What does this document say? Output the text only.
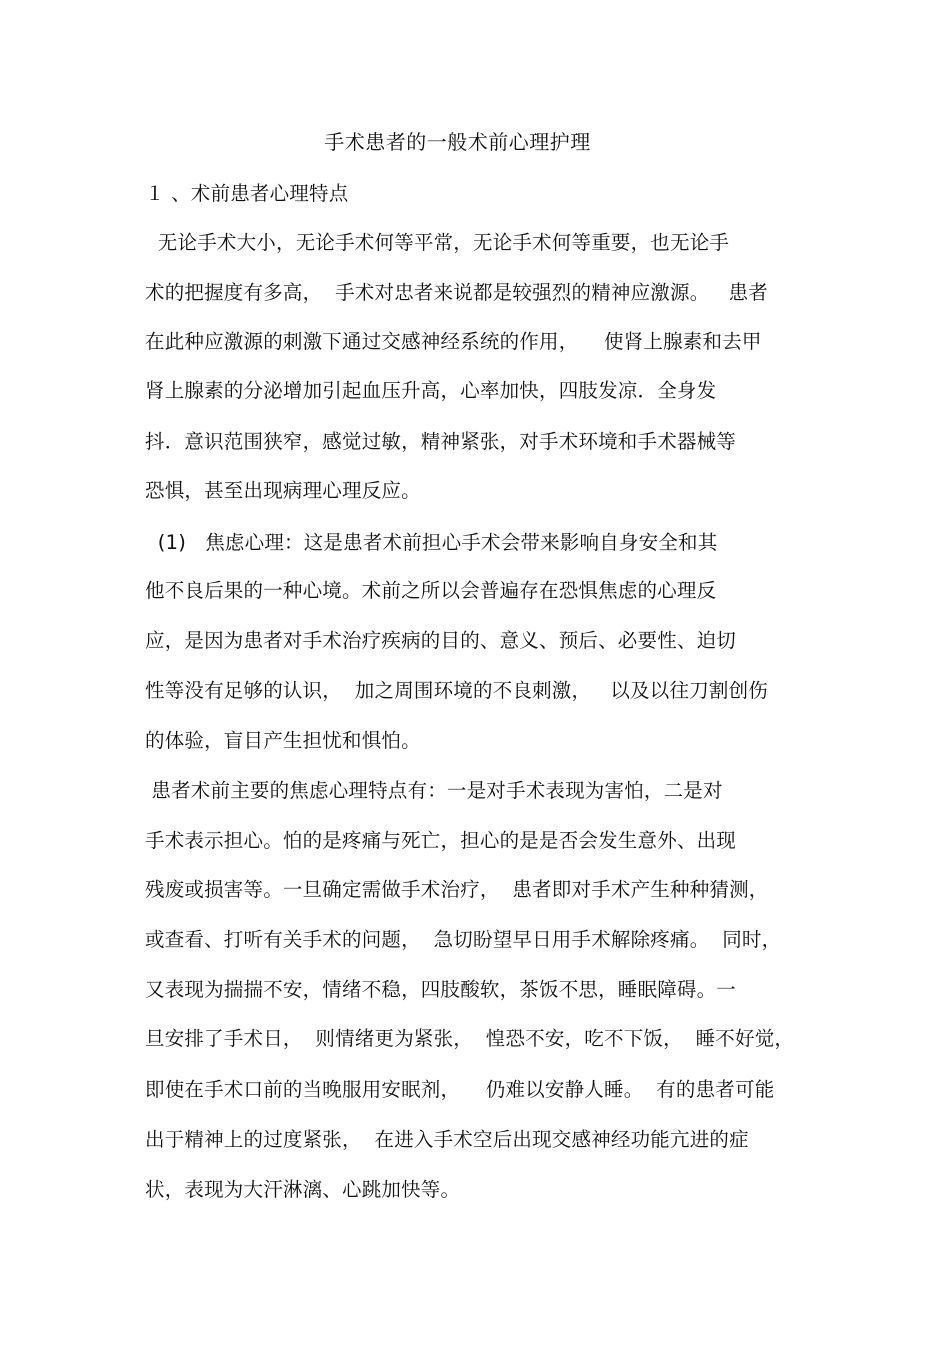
手术患者的一般术前心理护理
１ 、术前患者心理特点
无论手术大小，无论手术何等平常，无论手术何等重要，也无论手
术的把握度有多高，  手术对忠者来说都是较强烈的精神应激源。   患者
在此种应激源的刺激下通过交感神经系统的作用，    使肾上腺素和去甲
肾上腺素的分泌增加引起血压升高，心率加快，四肢发凉．全身发
抖．意识范围狭窄，感觉过敏，精神紧张，对手术环境和手术器械等
恐惧，甚至出现病理心理反应。
(1)   焦虑心理：这是患者术前担心手术会带来影响自身安全和其
他不良后果的一种心境。术前之所以会普遍存在恐惧焦虑的心理反
应，是因为患者对手术治疗疾病的目的、意义、预后、必要性、迫切
性等没有足够的认识，  加之周围环境的不良刺激，   以及以往刀割创伤
的体验，盲目产生担忧和惧怕。
患者术前主要的焦虑心理特点有：一是对手术表现为害怕，二是对
手术表示担心。怕的是疼痛与死亡，担心的是是否会发生意外、出现
残废或损害等。一旦确定需做手术治疗，  患者即对手术产生种种猜测，
或查看、打听有关手术的问题，  急切盼望早日用手术解除疼痛。  同时，
又表现为揣揣不安，情绪不稳，四肢酸软，茶饭不思，睡眠障碍。一
旦安排了手术日，  则情绪更为紧张，  惶恐不安，吃不下饭，  睡不好觉，
即使在手术口前的当晚服用安眠剂，    仍难以安静人睡。  有的患者可能
出于精神上的过度紧张，  在进入手术空后出现交感神经功能亢进的症
状，表现为大汗淋漓、心跳加快等。
